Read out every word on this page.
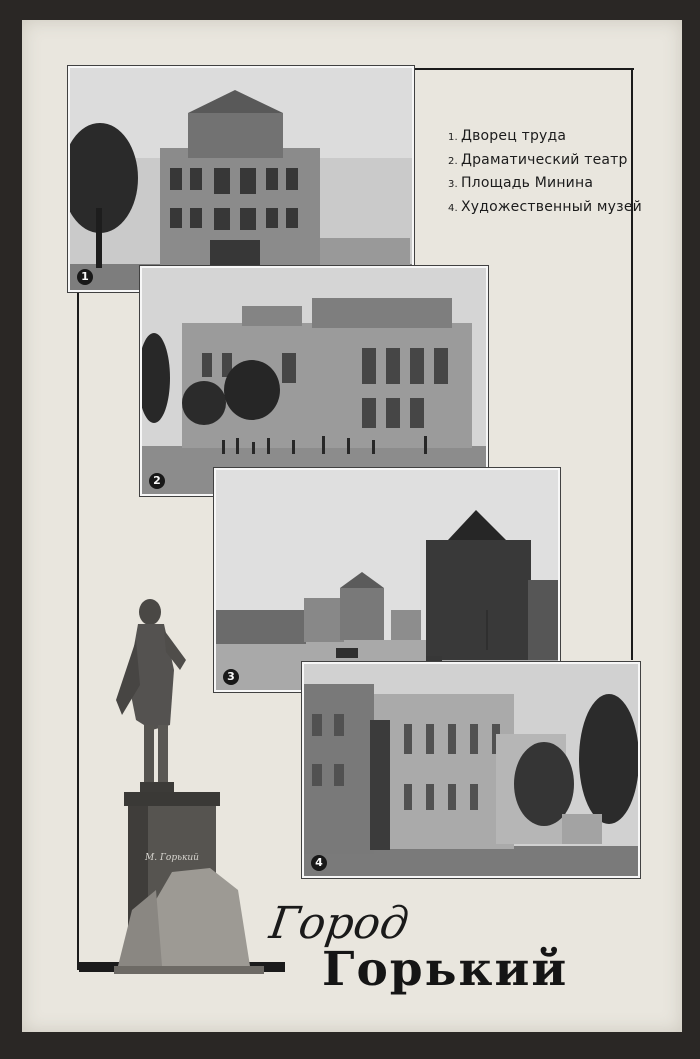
1
1. Дворец труда
2. Драматический театр
3. Площадь Минина
4. Художественный музей
2
3
4
М. Горький
Город
Горький
